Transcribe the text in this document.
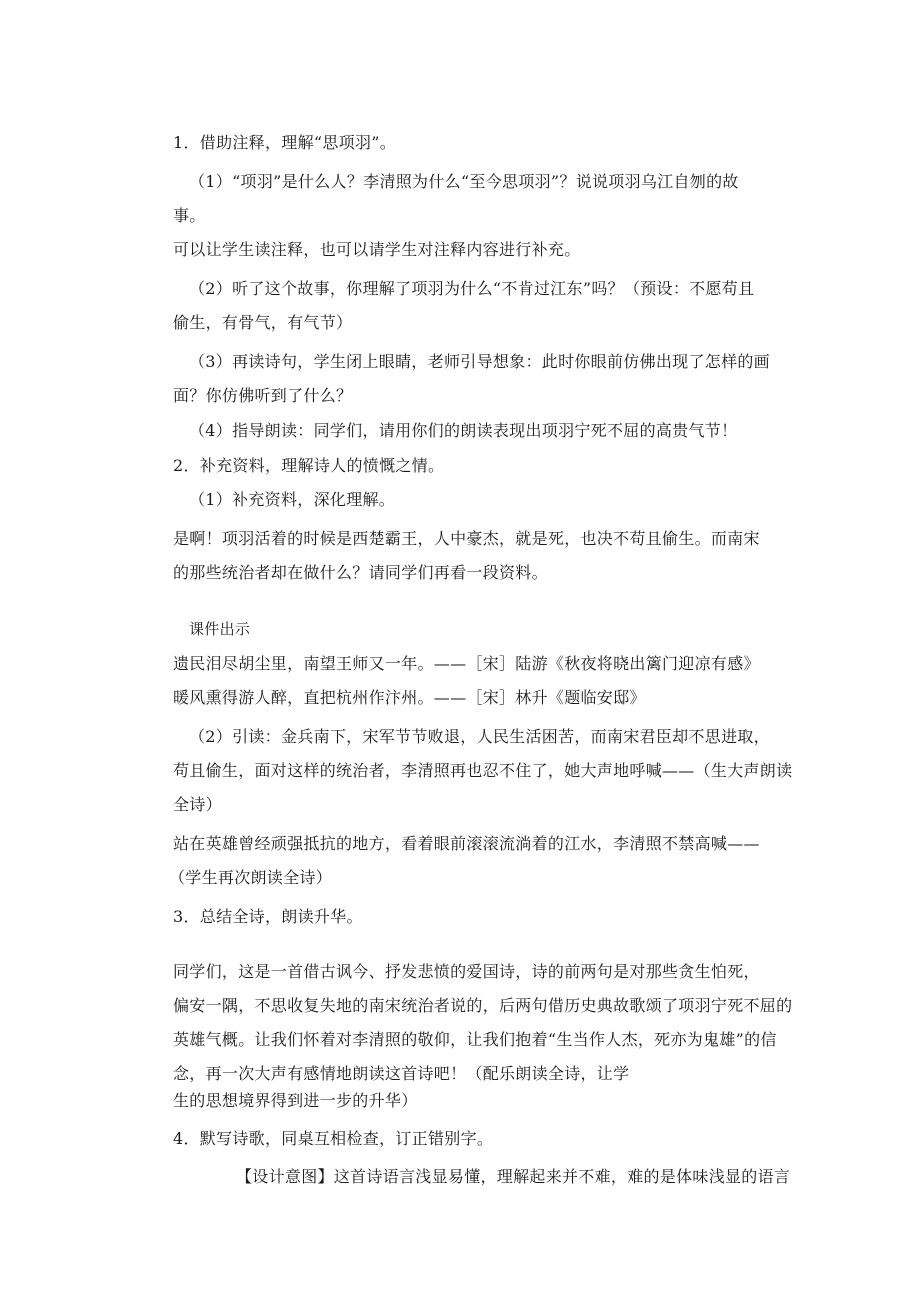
1．借助注释，理解“思项羽”。
（1）“项羽”是什么人？李清照为什么“至今思项羽”？说说项羽乌江自刎的故
事。
可以让学生读注释，也可以请学生对注释内容进行补充。
（2）听了这个故事，你理解了项羽为什么“不肯过江东”吗？（预设：不愿苟且
偷生，有骨气，有气节）
（3）再读诗句，学生闭上眼睛，老师引导想象：此时你眼前仿佛出现了怎样的画
面？你仿佛听到了什么？
（4）指导朗读：同学们，请用你们的朗读表现出项羽宁死不屈的高贵气节！
2．补充资料，理解诗人的愤慨之情。
（1）补充资料，深化理解。
是啊！项羽活着的时候是西楚霸王，人中豪杰，就是死，也决不苟且偷生。而南宋
的那些统治者却在做什么？请同学们再看一段资料。
课件出示
遗民泪尽胡尘里，南望王师又一年。——［宋］陆游《秋夜将晓出篱门迎凉有感》
暖风熏得游人醉，直把杭州作汴州。——［宋］林升《题临安邸》
（2）引读：金兵南下，宋军节节败退，人民生活困苦，而南宋君臣却不思进取，
苟且偷生，面对这样的统治者，李清照再也忍不住了，她大声地呼喊——（生大声朗读
全诗）
站在英雄曾经顽强抵抗的地方，看着眼前滚滚流淌着的江水，李清照不禁高喊——
（学生再次朗读全诗）
3．总结全诗，朗读升华。
同学们，这是一首借古讽今、抒发悲愤的爱国诗，诗的前两句是对那些贪生怕死，
偏安一隅，不思收复失地的南宋统治者说的，后两句借历史典故歌颂了项羽宁死不屈的
英雄气概。让我们怀着对李清照的敬仰，让我们抱着“生当作人杰，死亦为鬼雄”的信
念，再一次大声有感情地朗读这首诗吧！（配乐朗读全诗，让学
生的思想境界得到进一步的升华）
4．默写诗歌，同桌互相检查，订正错别字。
【设计意图】这首诗语言浅显易懂，理解起来并不难，难的是体味浅显的语言
